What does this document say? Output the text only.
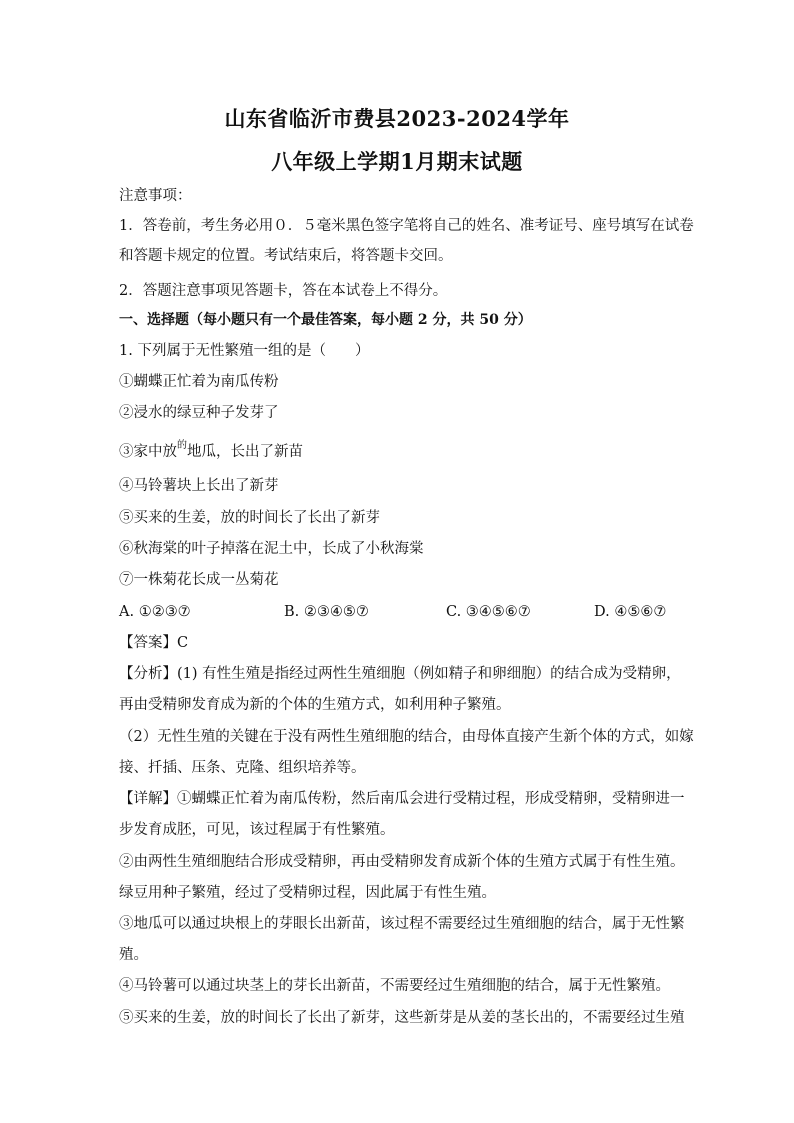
山东省临沂市费县2023-2024学年
八年级上学期1月期末试题
注意事项：
1．答卷前，考生务必用０．５毫米黑色签字笔将自己的姓名、准考证号、座号填写在试卷
和答题卡规定的位置。考试结束后，将答题卡交回。
2．答题注意事项见答题卡，答在本试卷上不得分。
一、选择题（每小题只有一个最佳答案，每小题 2 分，共 50 分）
1. 下列属于无性繁殖一组的是（　　）
①蝴蝶正忙着为南瓜传粉
②浸水的绿豆种子发芽了
③家中放$^的$地瓜，长出了新苗
④马铃薯块上长出了新芽
⑤买来的生姜，放的时间长了长出了新芽
⑥秋海棠的叶子掉落在泥土中，长成了小秋海棠
⑦一株菊花长成一丛菊花
A. ①②③⑦	B. ②③④⑤⑦	C. ③④⑤⑥⑦	D. ④⑤⑥⑦
【答案】C
【分析】(1) 有性生殖是指经过两性生殖细胞（例如精子和卵细胞）的结合成为受精卵，
再由受精卵发育成为新的个体的生殖方式，如利用种子繁殖。
（2）无性生殖的关键在于没有两性生殖细胞的结合，由母体直接产生新个体的方式，如嫁
接、扦插、压条、克隆、组织培养等。
【详解】①蝴蝶正忙着为南瓜传粉，然后南瓜会进行受精过程，形成受精卵，受精卵进一
步发育成胚，可见，该过程属于有性繁殖。
②由两性生殖细胞结合形成受精卵，再由受精卵发育成新个体的生殖方式属于有性生殖。
绿豆用种子繁殖，经过了受精卵过程，因此属于有性生殖。
③地瓜可以通过块根上的芽眼长出新苗，该过程不需要经过生殖细胞的结合，属于无性繁
殖。
④马铃薯可以通过块茎上的芽长出新苗，不需要经过生殖细胞的结合，属于无性繁殖。
⑤买来的生姜，放的时间长了长出了新芽，这些新芽是从姜的茎长出的，不需要经过生殖
